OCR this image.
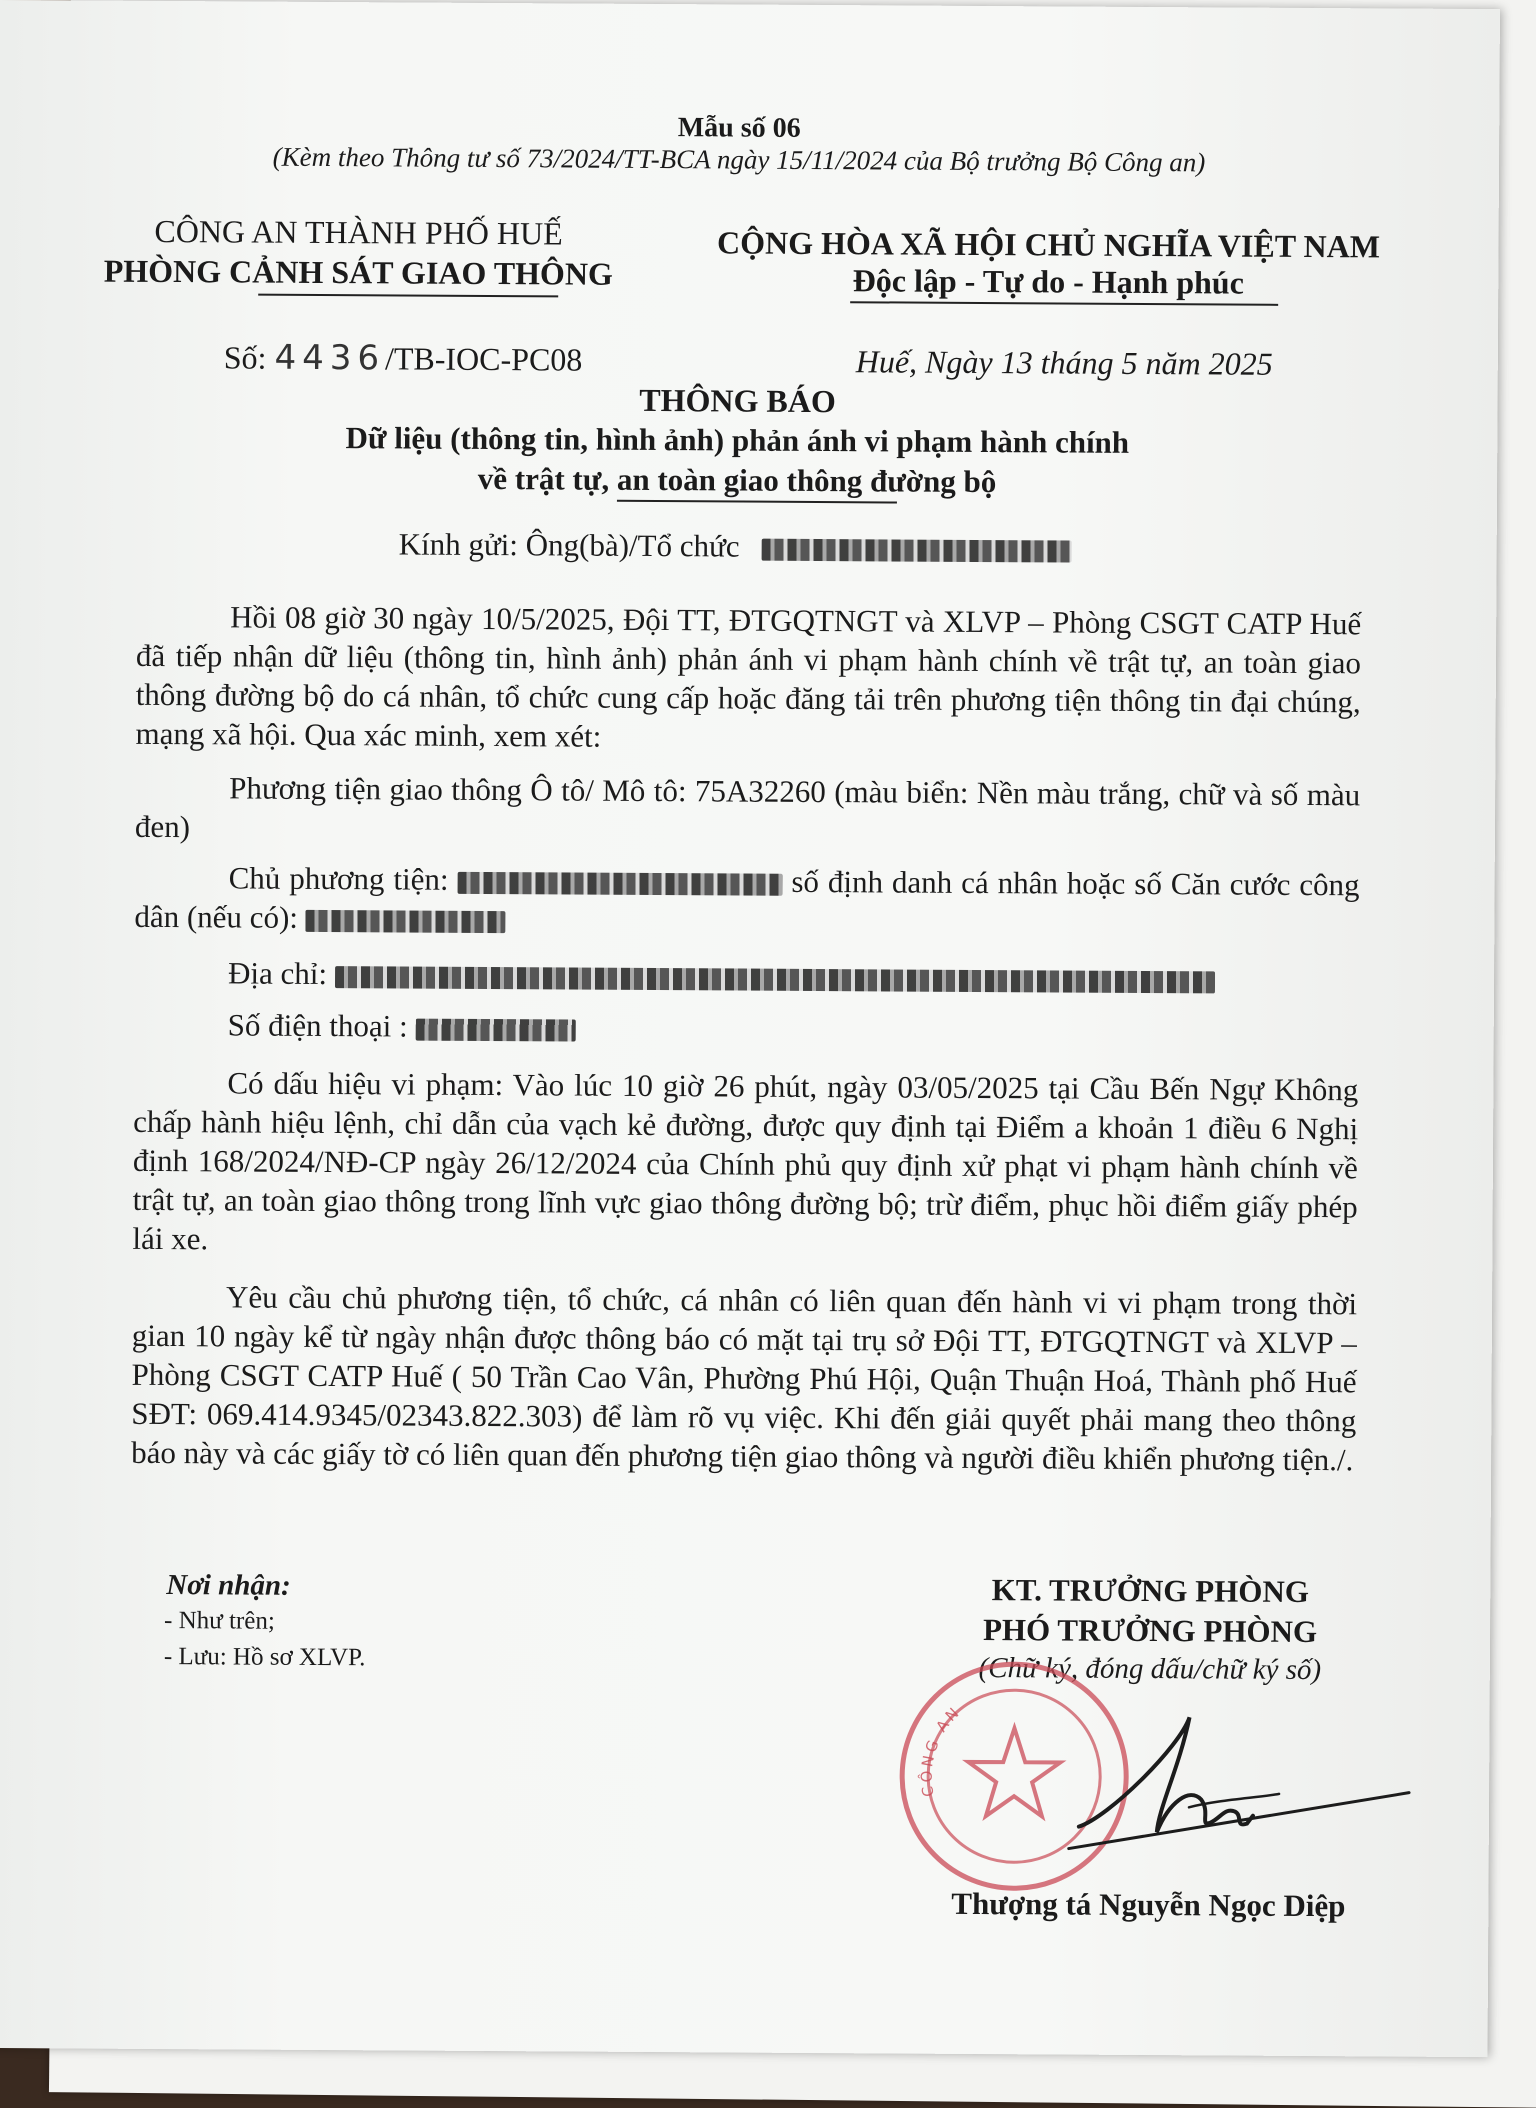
Mẫu số 06
(Kèm theo Thông tư số 73/2024/TT-BCA ngày 15/11/2024 của Bộ trưởng Bộ Công an)
CÔNG AN THÀNH PHỐ HUẾ
PHÒNG CẢNH SÁT GIAO THÔNG
CỘNG HÒA XÃ HỘI CHỦ NGHĨA VIỆT NAM
Độc lập - Tự do - Hạnh phúc
Số: 4436/TB-IOC-PC08	Huế, Ngày 13 tháng 5 năm 2025
THÔNG BÁO
Dữ liệu (thông tin, hình ảnh) phản ánh vi phạm hành chính
về trật tự, an toàn giao thông đường bộ
Kính gửi: Ông(bà)/Tổ chức
Hồi 08 giờ 30 ngày 10/5/2025, Đội TT, ĐTGQTNGT và XLVP – Phòng CSGT CATP Huế đã tiếp nhận dữ liệu (thông tin, hình ảnh) phản ánh vi phạm hành chính về trật tự, an toàn giao thông đường bộ do cá nhân, tổ chức cung cấp hoặc đăng tải trên phương tiện thông tin đại chúng, mạng xã hội. Qua xác minh, xem xét:
Phương tiện giao thông Ô tô/ Mô tô: 75A32260 (màu biển: Nền màu trắng, chữ và số màu đen)
Chủ phương tiện:	số định danh cá nhân hoặc số Căn cước công dân (nếu có):
Địa chỉ:
Số điện thoại :
Có dấu hiệu vi phạm: Vào lúc 10 giờ 26 phút, ngày 03/05/2025 tại Cầu Bến Ngự Không chấp hành hiệu lệnh, chỉ dẫn của vạch kẻ đường, được quy định tại Điểm a khoản 1 điều 6 Nghị định 168/2024/NĐ-CP ngày 26/12/2024 của Chính phủ quy định xử phạt vi phạm hành chính về trật tự, an toàn giao thông trong lĩnh vực giao thông đường bộ; trừ điểm, phục hồi điểm giấy phép lái xe.
Yêu cầu chủ phương tiện, tổ chức, cá nhân có liên quan đến hành vi vi phạm trong thời gian 10 ngày kể từ ngày nhận được thông báo có mặt tại trụ sở Đội TT, ĐTGQTNGT và XLVP – Phòng CSGT CATP Huế ( 50 Trần Cao Vân, Phường Phú Hội, Quận Thuận Hoá, Thành phố Huế SĐT: 069.414.9345/02343.822.303) để làm rõ vụ việc. Khi đến giải quyết phải mang theo thông báo này và các giấy tờ có liên quan đến phương tiện giao thông và người điều khiển phương tiện./.
Nơi nhận:
- Như trên;
- Lưu: Hồ sơ XLVP.
KT. TRƯỞNG PHÒNG
PHÓ TRƯỞNG PHÒNG
(Chữ ký, đóng dấu/chữ ký số)
CÔNG AN
Thượng tá Nguyễn Ngọc Diệp
